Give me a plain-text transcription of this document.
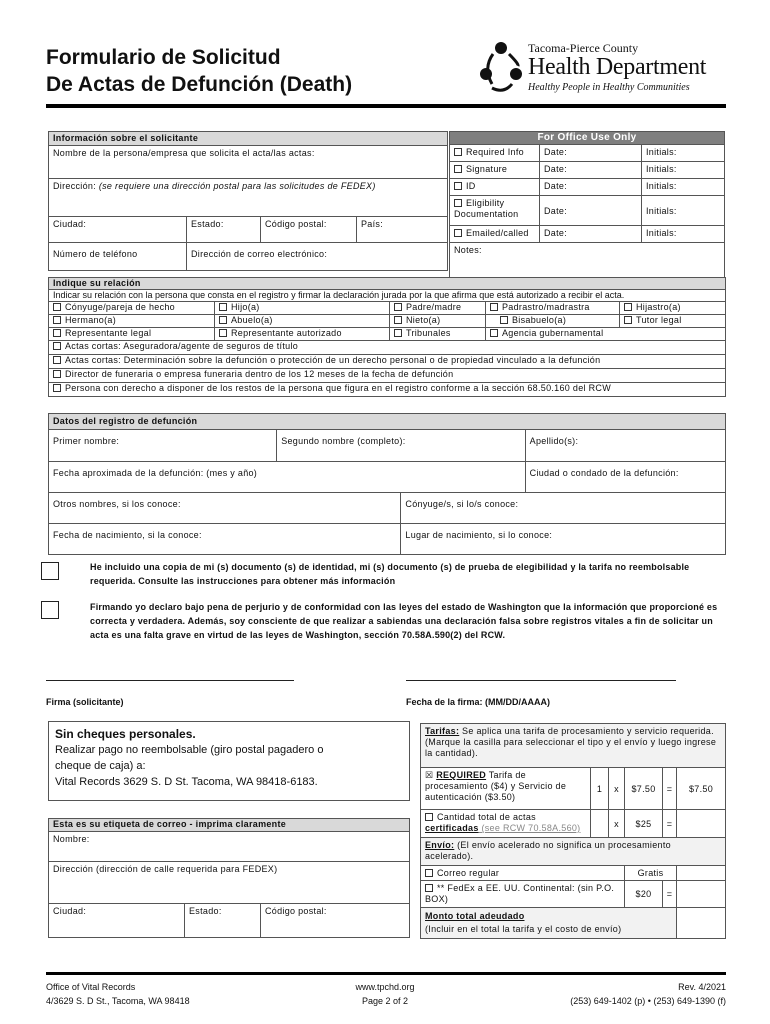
Formulario de Solicitud
De Actas de Defunción (Death)
Tacoma-Pierce County
Health Department
Healthy People in Healthy Communities
Información sobre el solicitante			
Nombre de la persona/empresa que solicita el acta/las actas:			
Dirección: (se requiere una dirección postal para las solicitudes de FEDEX)			
Ciudad:	Estado:	Código postal:	País:
Número de teléfono	Dirección de correo electrónico:		
For Office Use Only		
Required Info	Date:	Initials:
Signature	Date:	Initials:
ID	Date:	Initials:
Eligibility Documentation	Date:	Initials:
Emailed/called	Date:	Initials:
Notes:		
Indique su relación				
Indicar su relación con la persona que consta en el registro y firmar la declaración jurada por la que afirma que está autorizado a recibir el acta.				
Cónyuge/pareja de hecho	Hijo(a)	Padre/madre	Padrastro/madrastra	Hijastro(a)
Hermano(a)	Abuelo(a)	Nieto(a)	Bisabuelo(a)	Tutor legal
Representante legal	Representante autorizado	Tribunales	Agencia gubernamental	
Actas cortas: Aseguradora/agente de seguros de título				
Actas cortas: Determinación sobre la defunción o protección de un derecho personal o de propiedad vinculado a la defunción				
Director de funeraria o empresa funeraria dentro de los 12 meses de la fecha de defunción				
Persona con derecho a disponer de los restos de la persona que figura en el registro conforme a la sección 68.50.160 del RCW				
Datos del registro de defunción			
Primer nombre:	Segundo nombre (completo):		Apellido(s):
Fecha aproximada de la defunción: (mes y año)			Ciudad o condado de la defunción:
Otros nombres, si los conoce:		Cónyuge/s, si lo/s conoce:	
Fecha de nacimiento, si la conoce:		Lugar de nacimiento, si lo conoce:	
He incluido una copia de mi (s) documento (s) de identidad, mi (s) documento (s) de prueba de elegibilidad y la tarifa no reembolsable requerida. Consulte las instrucciones para obtener más información
Firmando yo declaro bajo pena de perjurio y de conformidad con las leyes del estado de Washington que la información que proporcioné es correcta y verdadera. Además, soy consciente de que realizar a sabiendas una declaración falsa sobre registros vitales a fin de solicitar un acta es una falta grave en virtud de las leyes de Washington, sección 70.58A.590(2) del RCW.
Firma (solicitante)	Fecha de la firma: (MM/DD/AAAA)
Sin cheques personales.
Realizar pago no reembolsable (giro postal pagadero o
cheque de caja) a:
Vital Records 3629 S. D St. Tacoma, WA 98418-6183.
Esta es su etiqueta de correo - imprima claramente
Nombre:
Dirección (dirección de calle requerida para FEDEX)
Ciudad:	Estado:	Código postal:
Tarifas: Se aplica una tarifa de procesamiento y servicio requerida. (Marque la casilla para seleccionar el tipo y el envío y luego ingrese la cantidad).					
☒ REQUIRED Tarifa de procesamiento ($4) y Servicio de autenticación ($3.50)	1	x	$7.50	=	$7.50
Cantidad total de actas
certificadas (see RCW 70.58A.560)		x	$25	=	
Envío: (El envío acelerado no significa un procesamiento acelerado).					
Correo regular			Gratis		
** FedEx a EE. UU. Continental: (sin P.O. BOX)			$20	=	
Monto total adeudado
(Incluir en el total la tarifa y el costo de envío)					
Office of Vital Records
4/3629 S. D St., Tacoma, WA 98418
www.tpchd.org
Page 2 of 2
Rev. 4/2021
(253) 649-1402 (p) • (253) 649-1390 (f)
